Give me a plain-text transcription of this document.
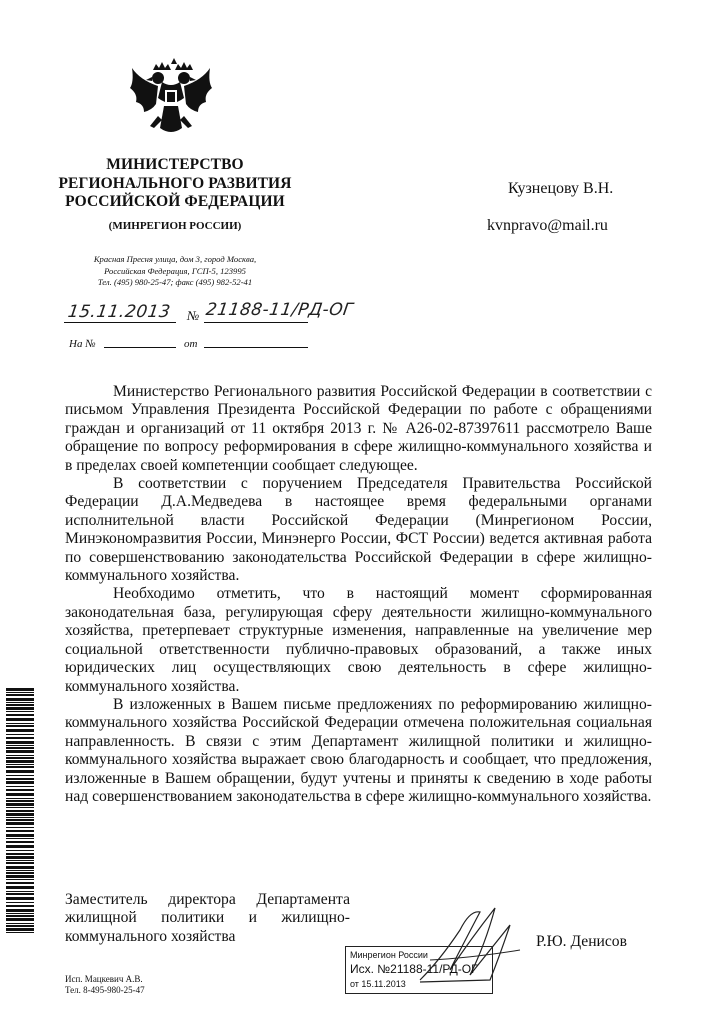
МИНИСТЕРСТВО
РЕГИОНАЛЬНОГО РАЗВИТИЯ
РОССИЙСКОЙ ФЕДЕРАЦИИ
(МИНРЕГИОН РОССИИ)
Красная Пресня улица, дом 3, город Москва,
Российская Федерация, ГСП-5, 123995
Тел. (495) 980-25-47; факс (495) 982-52-41
Кузнецову В.Н.
kvnpravo@mail.ru
15.11.2013 № 21188-11/РД-ОГ
На №	от

Министерство Регионального развития Российской Федерации в соответствии с письмом Управления Президента Российской Федерации по работе с обращениями граждан и организаций от 11 октября 2013 г. № А26-02-87397611 рассмотрело Ваше обращение по вопросу реформирования в сфере жилищно-коммунального хозяйства и в пределах своей компетенции сообщает следующее.

В соответствии с поручением Председателя Правительства Российской Федерации Д.А.Медведева в настоящее время федеральными органами исполнительной власти Российской Федерации (Минрегионом России, Минэкономразвития России, Минэнерго России, ФСТ России) ведется активная работа по совершенствованию законодательства Российской Федерации в сфере жилищно-коммунального хозяйства.

Необходимо отметить, что в настоящий момент сформированная законодательная база, регулирующая сферу деятельности жилищно-коммунального хозяйства, претерпевает структурные изменения, направленные на увеличение мер социальной ответственности публично-правовых образований, а также иных юридических лиц осуществляющих свою деятельность в сфере жилищно-коммунального хозяйства.

В изложенных в Вашем письме предложениях по реформированию жилищно-коммунального хозяйства Российской Федерации отмечена положительная социальная направленность. В связи с этим Департамент жилищной политики и жилищно-коммунального хозяйства выражает свою благодарность и сообщает, что предложения, изложенные в Вашем обращении, будут учтены и приняты к сведению в ходе работы над совершенствованием законодательства в сфере жилищно-коммунального хозяйства.

Заместитель директора Департамента
жилищной политики и жилищно-
коммунального хозяйства	Р.Ю. Денисов
Минрегион России
Исх. №21188-11/РД-ОГ
от 15.11.2013
Исп. Мацкевич А.В.
Тел. 8-495-980-25-47
